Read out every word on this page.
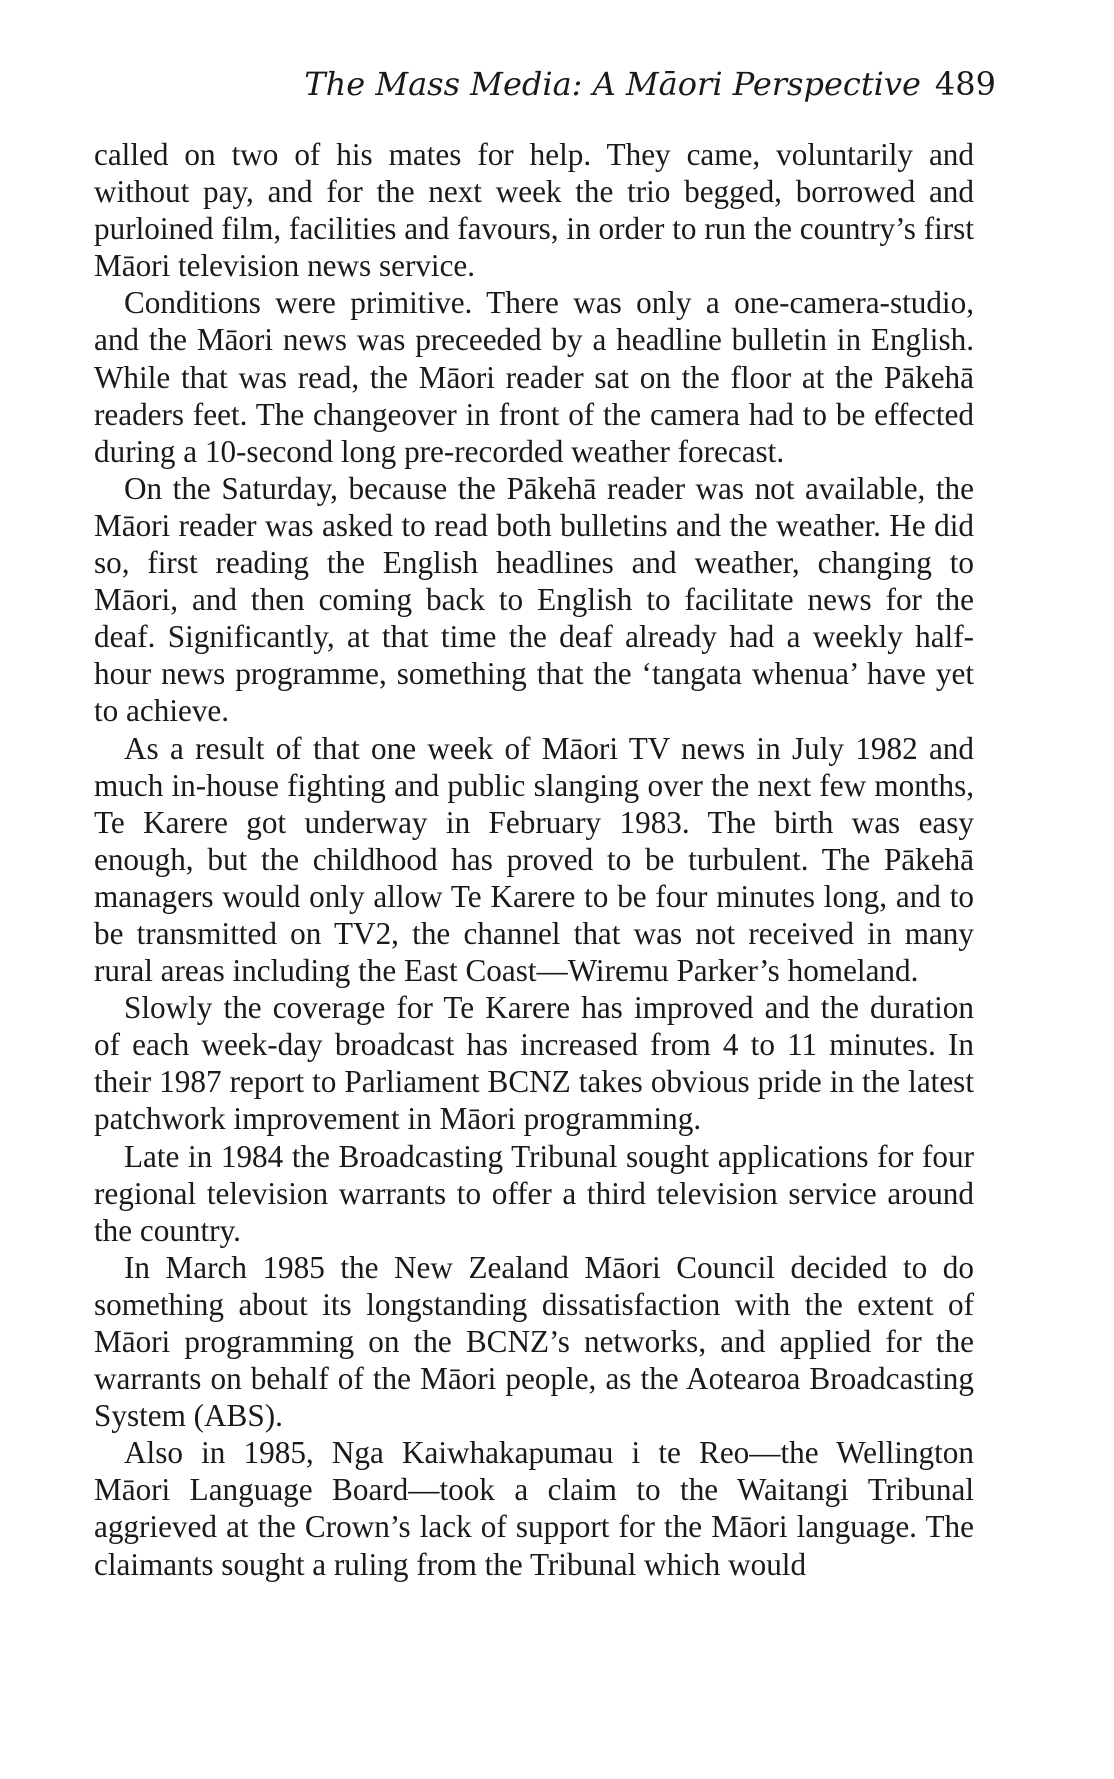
The Mass Media: A Māori Perspective 489

called on two of his mates for help. They came, voluntarily and without pay, and for the next week the trio begged, borrowed and purloined film, facilities and favours, in order to run the country’s first Māori television news service.

Conditions were primitive. There was only a one-camera-studio, and the Māori news was preceeded by a headline bulletin in English. While that was read, the Māori reader sat on the floor at the Pākehā readers feet. The changeover in front of the camera had to be effected during a 10-second long pre-recorded weather forecast.

On the Saturday, because the Pākehā reader was not available, the Māori reader was asked to read both bulletins and the weather. He did so, first reading the English headlines and weather, changing to Māori, and then coming back to English to facilitate news for the deaf. Significantly, at that time the deaf already had a weekly half-hour news programme, something that the ‘tangata whenua’ have yet to achieve.

As a result of that one week of Māori TV news in July 1982 and much in-house fighting and public slanging over the next few months, Te Karere got underway in February 1983. The birth was easy enough, but the childhood has proved to be turbulent. The Pākehā managers would only allow Te Karere to be four minutes long, and to be transmitted on TV2, the channel that was not received in many rural areas including the East Coast—Wiremu Parker’s homeland.

Slowly the coverage for Te Karere has improved and the duration of each week-day broadcast has increased from 4 to 11 minutes. In their 1987 report to Parliament BCNZ takes obvious pride in the latest patchwork improvement in Māori programming.

Late in 1984 the Broadcasting Tribunal sought applications for four regional television warrants to offer a third television service around the country.

In March 1985 the New Zealand Māori Council decided to do something about its longstanding dissatisfaction with the extent of Māori programming on the BCNZ’s networks, and applied for the warrants on behalf of the Māori people, as the Aotearoa Broadcasting System (ABS).

Also in 1985, Nga Kaiwhakapumau i te Reo—the Wellington Māori Language Board—took a claim to the Waitangi Tribunal aggrieved at the Crown’s lack of support for the Māori language. The claimants sought a ruling from the Tribunal which would
